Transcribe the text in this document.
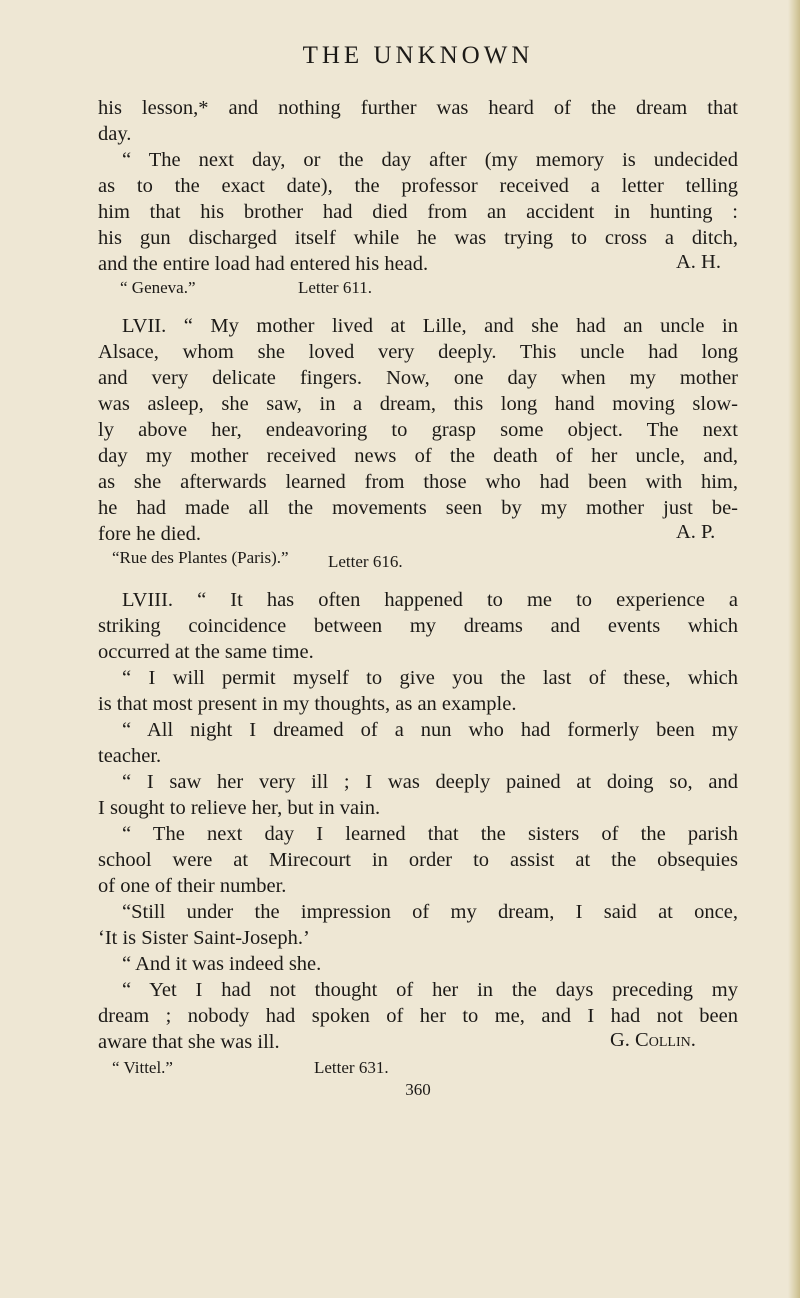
THE UNKNOWN
his lesson,* and nothing further was heard of the dream that
day.
“ The next day, or the day after (my memory is undecided
as to the exact date), the professor received a letter telling
him that his brother had died from an accident in hunting :
his gun discharged itself while he was trying to cross a ditch,
and the entire load had entered his head.	A. H.
“ Geneva.”	Letter 611.
LVII. “ My mother lived at Lille, and she had an uncle in
Alsace, whom she loved very deeply. This uncle had long
and very delicate fingers. Now, one day when my mother
was asleep, she saw, in a dream, this long hand moving slow-
ly above her, endeavoring to grasp some object. The next
day my mother received news of the death of her uncle, and,
as she afterwards learned from those who had been with him,
he had made all the movements seen by my mother just be-
fore he died.	A. P.
“Rue des Plantes (Paris).” Letter 616.
LVIII. “ It has often happened to me to experience a
striking coincidence between my dreams and events which
occurred at the same time.
“ I will permit myself to give you the last of these, which
is that most present in my thoughts, as an example.
“ All night I dreamed of a nun who had formerly been my
teacher.
“ I saw her very ill ; I was deeply pained at doing so, and
I sought to relieve her, but in vain.
“ The next day I learned that the sisters of the parish
school were at Mirecourt in order to assist at the obsequies
of one of their number.
“Still under the impression of my dream, I said at once,
‘It is Sister Saint-Joseph.’
“ And it was indeed she.
“ Yet I had not thought of her in the days preceding my
dream ; nobody had spoken of her to me, and I had not been
aware that she was ill.	G. Collin.
“ Vittel.”	Letter 631.
360
